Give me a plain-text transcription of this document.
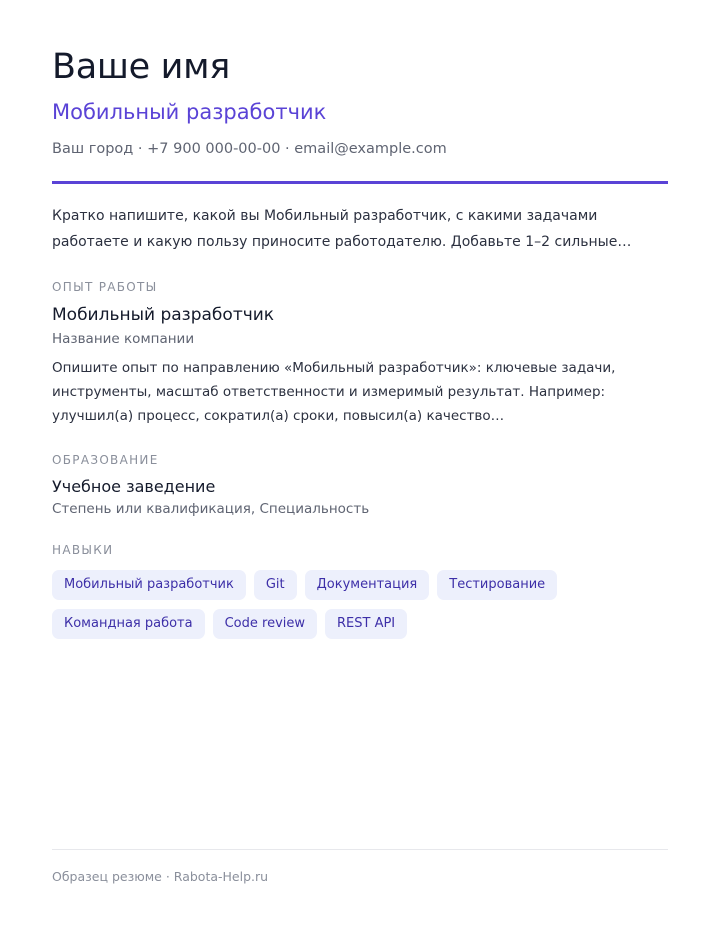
Ваше имя
Мобильный разработчик
Ваш город · +7 900 000-00-00 · email@example.com

Кратко напишите, какой вы Мобильный разработчик, с какими задачами работаете и какую пользу приносите работодателю. Добавьте 1–2 сильные…

ОПЫТ РАБОТЫ
Мобильный разработчик
Название компании

Опишите опыт по направлению «Мобильный разработчик»: ключевые задачи, инструменты, масштаб ответственности и измеримый результат. Например: улучшил(а) процесс, сократил(а) сроки, повысил(а) качество…

ОБРАЗОВАНИЕ
Учебное заведение
Степень или квалификация, Специальность
НАВЫКИ
Мобильный разработчик	Git	Документация	Тестирование
Командная работа	Code review	REST API
Образец резюме · Rabota-Help.ru
